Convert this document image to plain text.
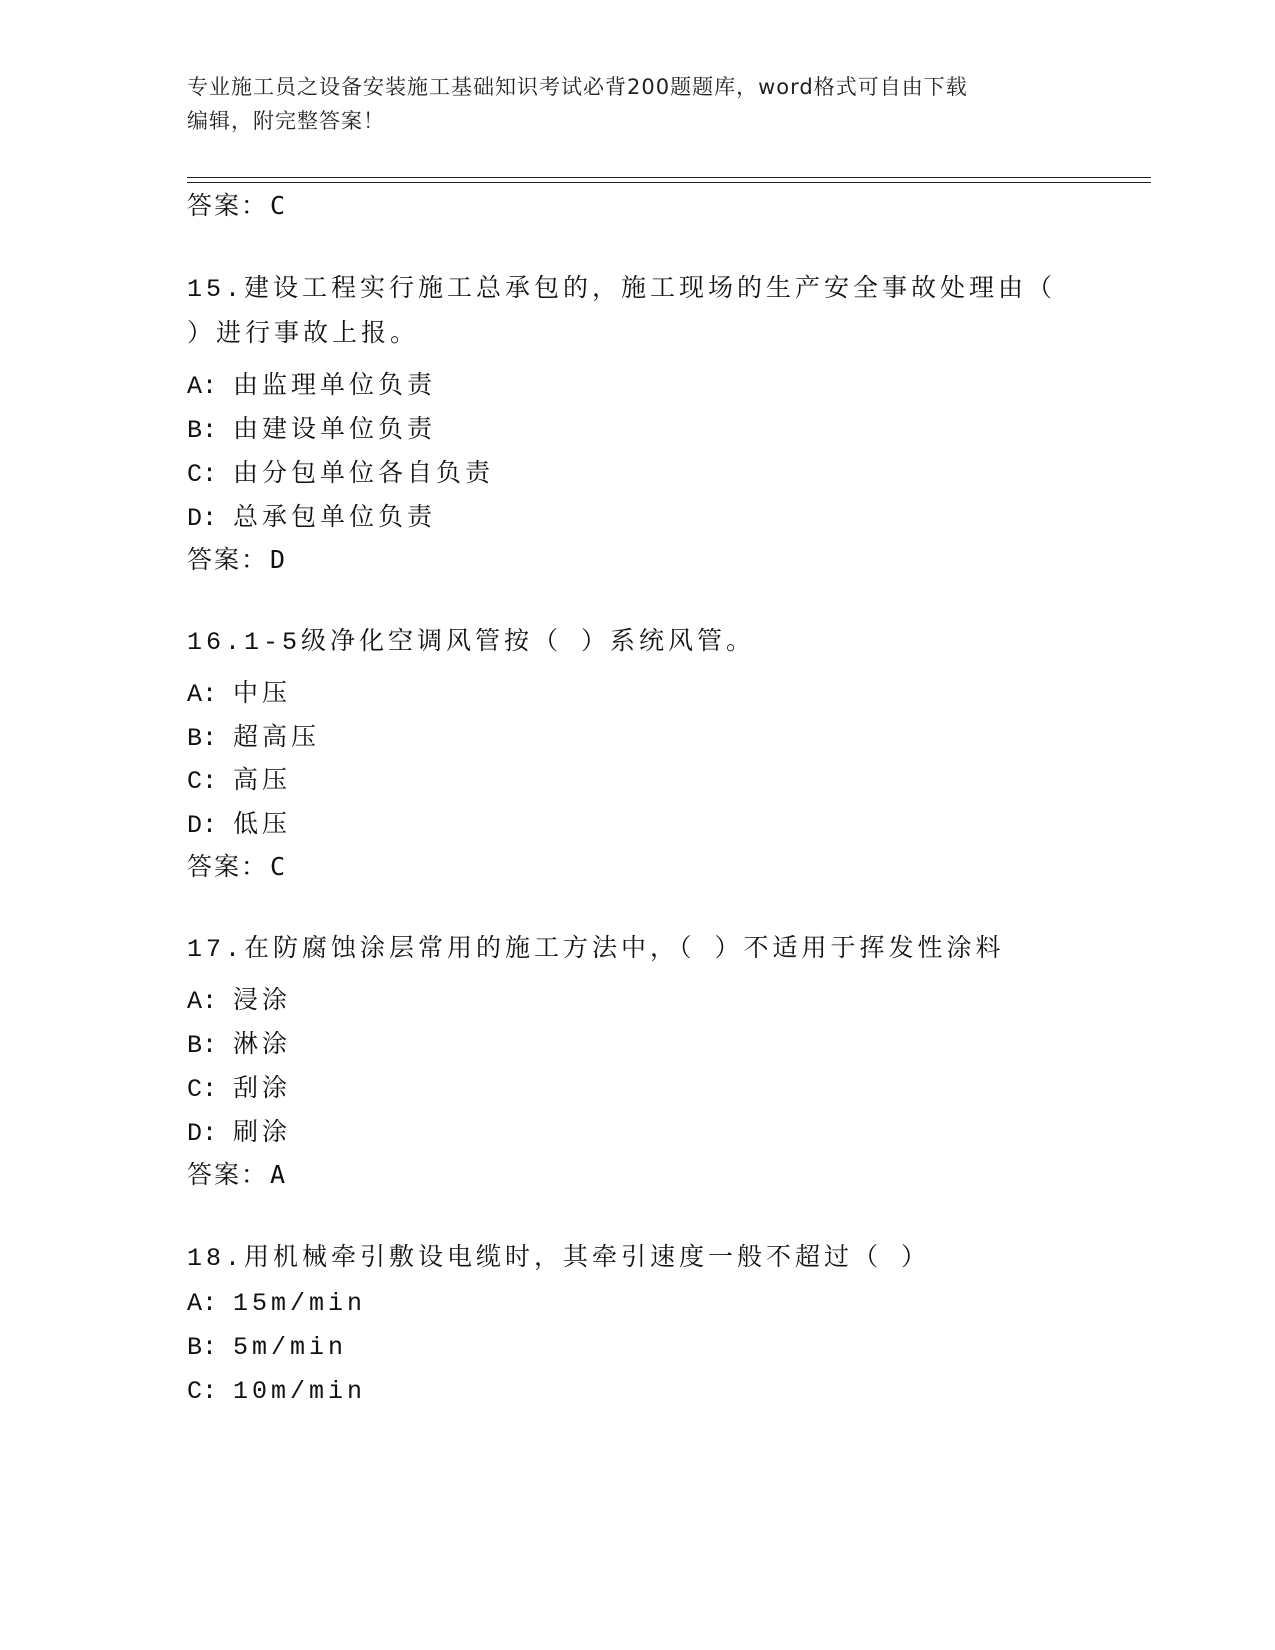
专业施工员之设备安装施工基础知识考试必背200题题库，word格式可自由下载
编辑，附完整答案！
答案：C
15.建设工程实行施工总承包的，施工现场的生产安全事故处理由（
）进行事故上报。
A: 由监理单位负责
B: 由建设单位负责
C: 由分包单位各自负责
D: 总承包单位负责
答案：D
16.1-5级净化空调风管按（ ）系统风管。
A: 中压
B: 超高压
C: 高压
D: 低压
答案：C
17.在防腐蚀涂层常用的施工方法中，（ ）不适用于挥发性涂料
A: 浸涂
B: 淋涂
C: 刮涂
D: 刷涂
答案：A
18.用机械牵引敷设电缆时，其牵引速度一般不超过（ ）
A: 15m/min
B: 5m/min
C: 10m/min
